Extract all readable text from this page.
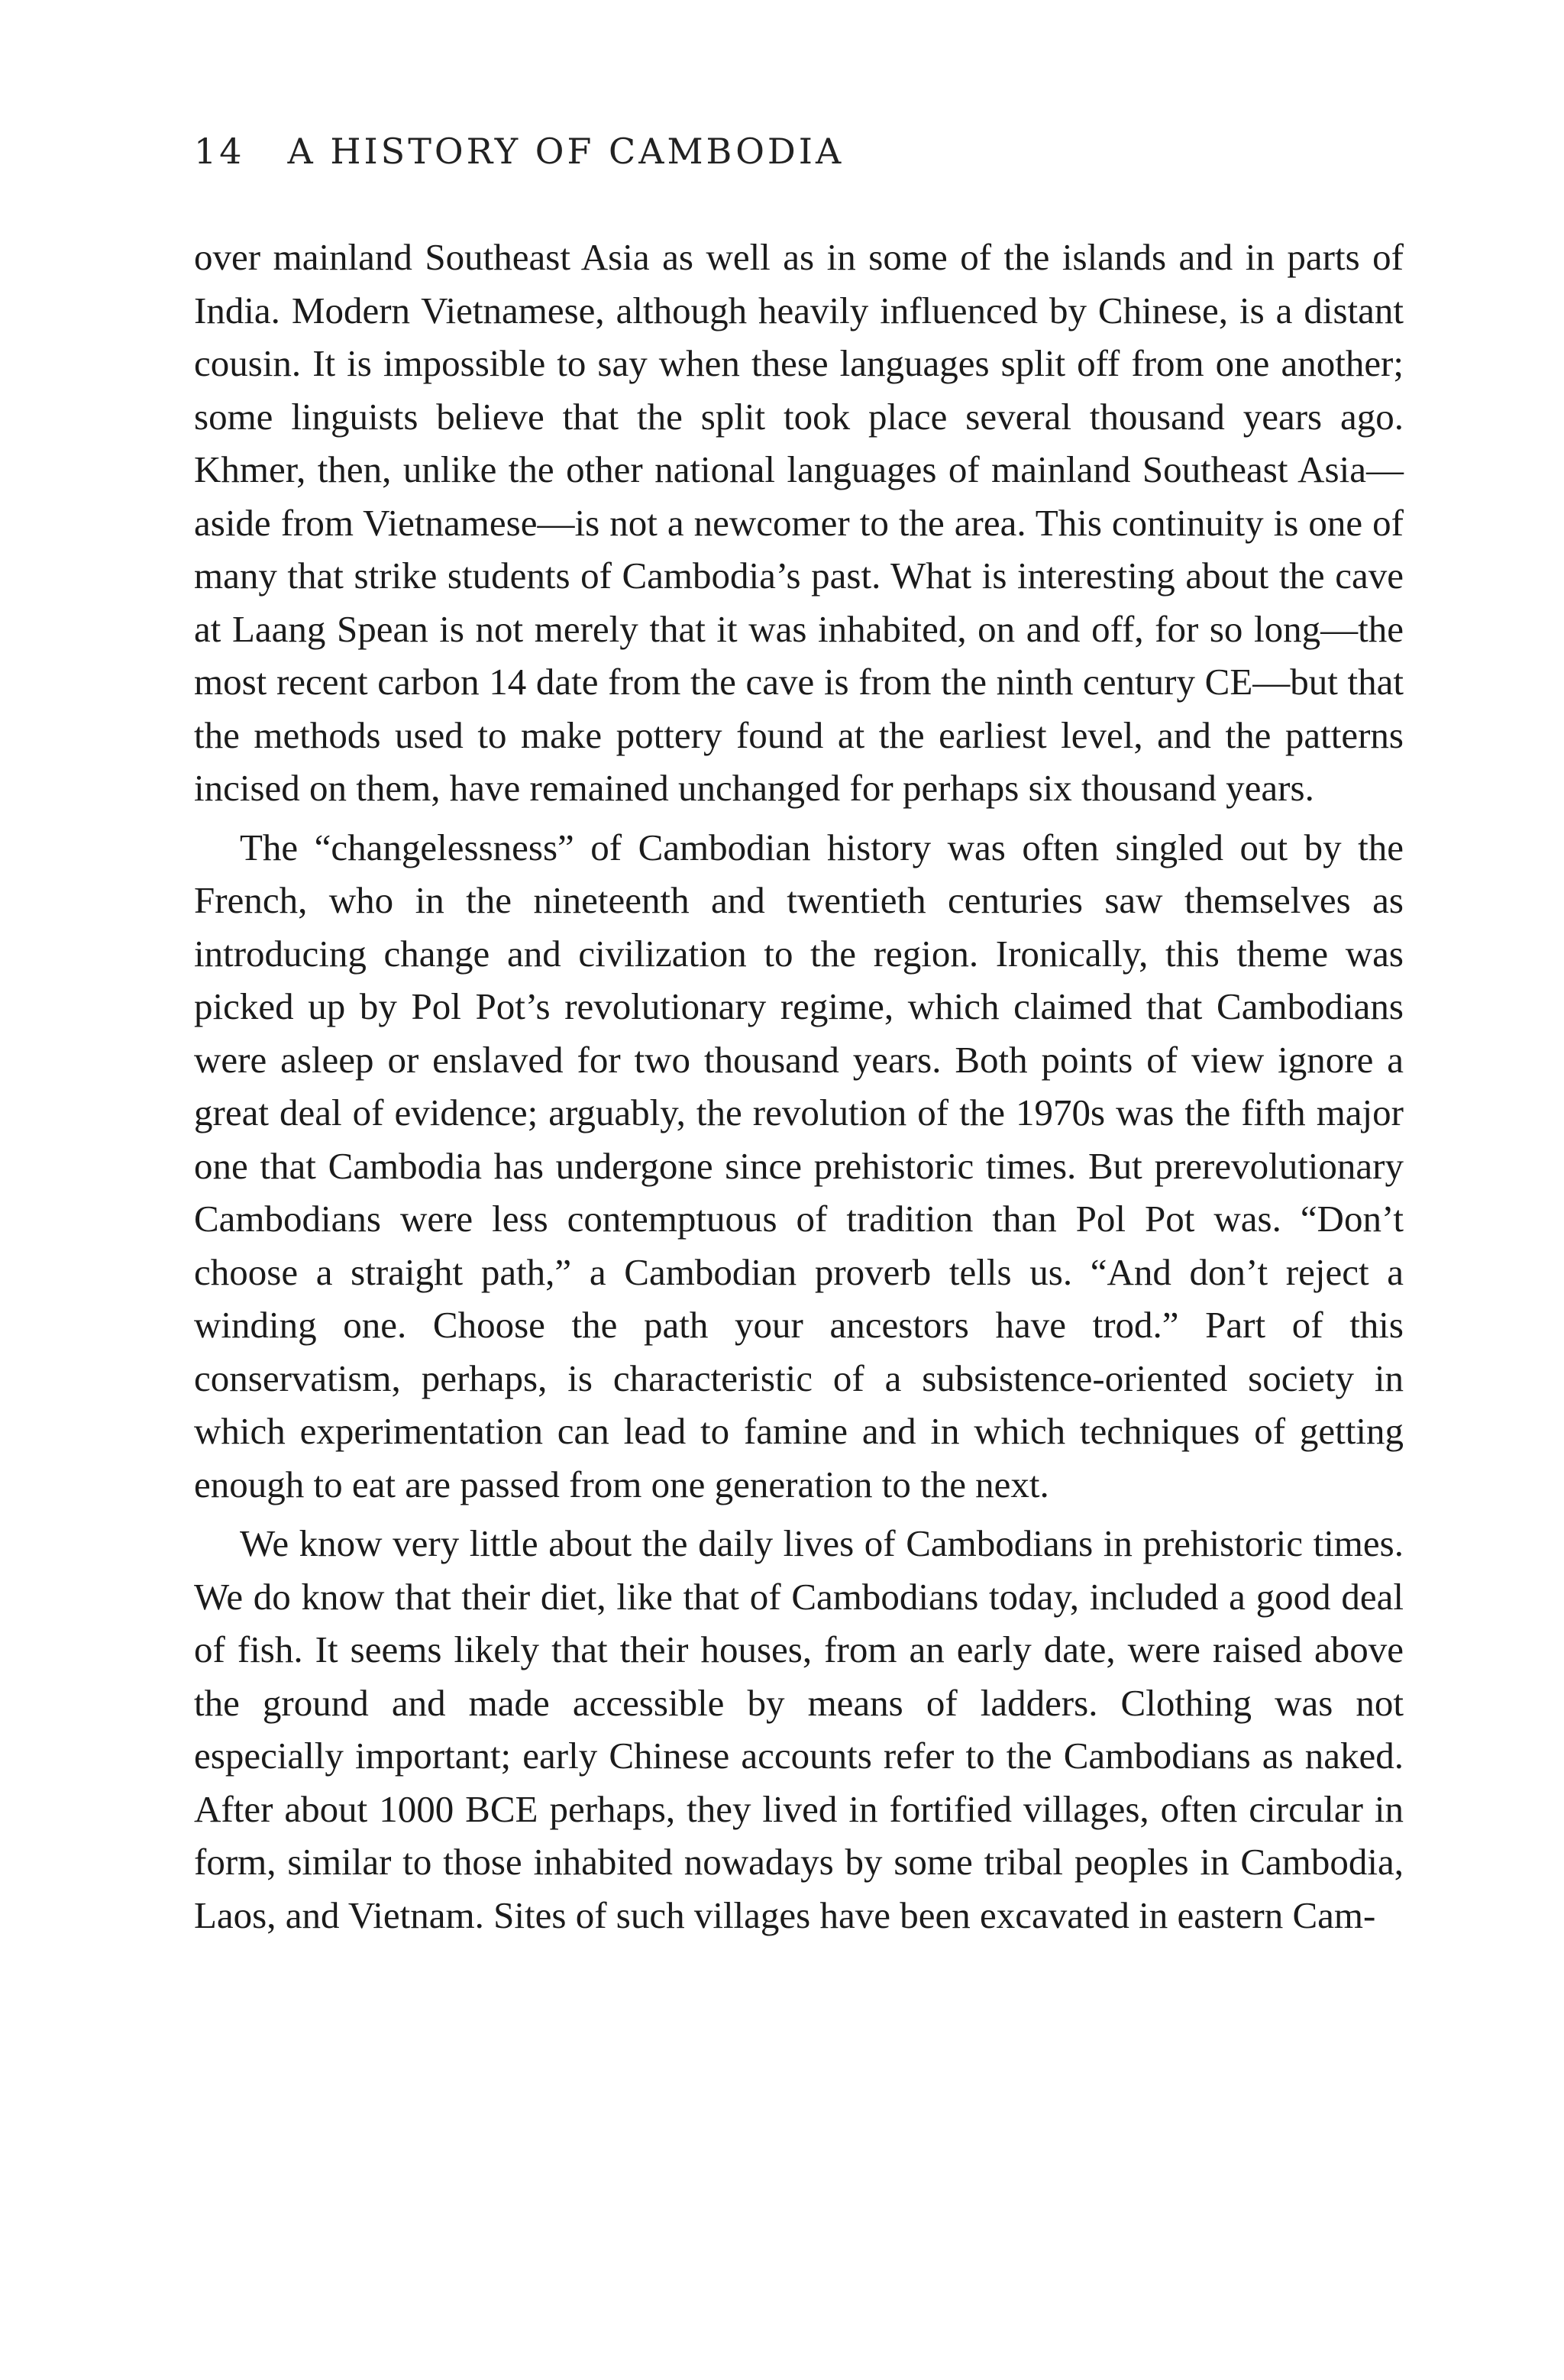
14 A HISTORY OF CAMBODIA

over mainland Southeast Asia as well as in some of the islands and in parts of India. Modern Vietnamese, although heavily influenced by Chinese, is a distant cousin. It is impossible to say when these languages split off from one another; some linguists believe that the split took place several thousand years ago. Khmer, then, unlike the other national languages of mainland Southeast Asia—aside from Vietnamese—is not a newcomer to the area. This continuity is one of many that strike students of Cambodia’s past. What is interesting about the cave at Laang Spean is not merely that it was inhabited, on and off, for so long—the most recent carbon 14 date from the cave is from the ninth century CE—but that the methods used to make pottery found at the earliest level, and the patterns incised on them, have remained unchanged for perhaps six thousand years.

The “changelessness” of Cambodian history was often singled out by the French, who in the nineteenth and twentieth centuries saw themselves as introducing change and civilization to the region. Ironically, this theme was picked up by Pol Pot’s revolutionary regime, which claimed that Cambodians were asleep or enslaved for two thousand years. Both points of view ignore a great deal of evidence; arguably, the revolution of the 1970s was the fifth major one that Cambodia has undergone since prehistoric times. But prerevolutionary Cambodians were less contemptuous of tradition than Pol Pot was. “Don’t choose a straight path,” a Cambodian proverb tells us. “And don’t reject a winding one. Choose the path your ancestors have trod.” Part of this conservatism, perhaps, is characteristic of a subsistence-oriented society in which experimentation can lead to famine and in which techniques of getting enough to eat are passed from one generation to the next.

We know very little about the daily lives of Cambodians in prehistoric times. We do know that their diet, like that of Cambodians today, included a good deal of fish. It seems likely that their houses, from an early date, were raised above the ground and made accessible by means of ladders. Clothing was not especially important; early Chinese accounts refer to the Cambodians as naked. After about 1000 BCE perhaps, they lived in fortified villages, often circular in form, similar to those inhabited nowadays by some tribal peoples in Cambodia, Laos, and Vietnam. Sites of such villages have been excavated in eastern Cam-
